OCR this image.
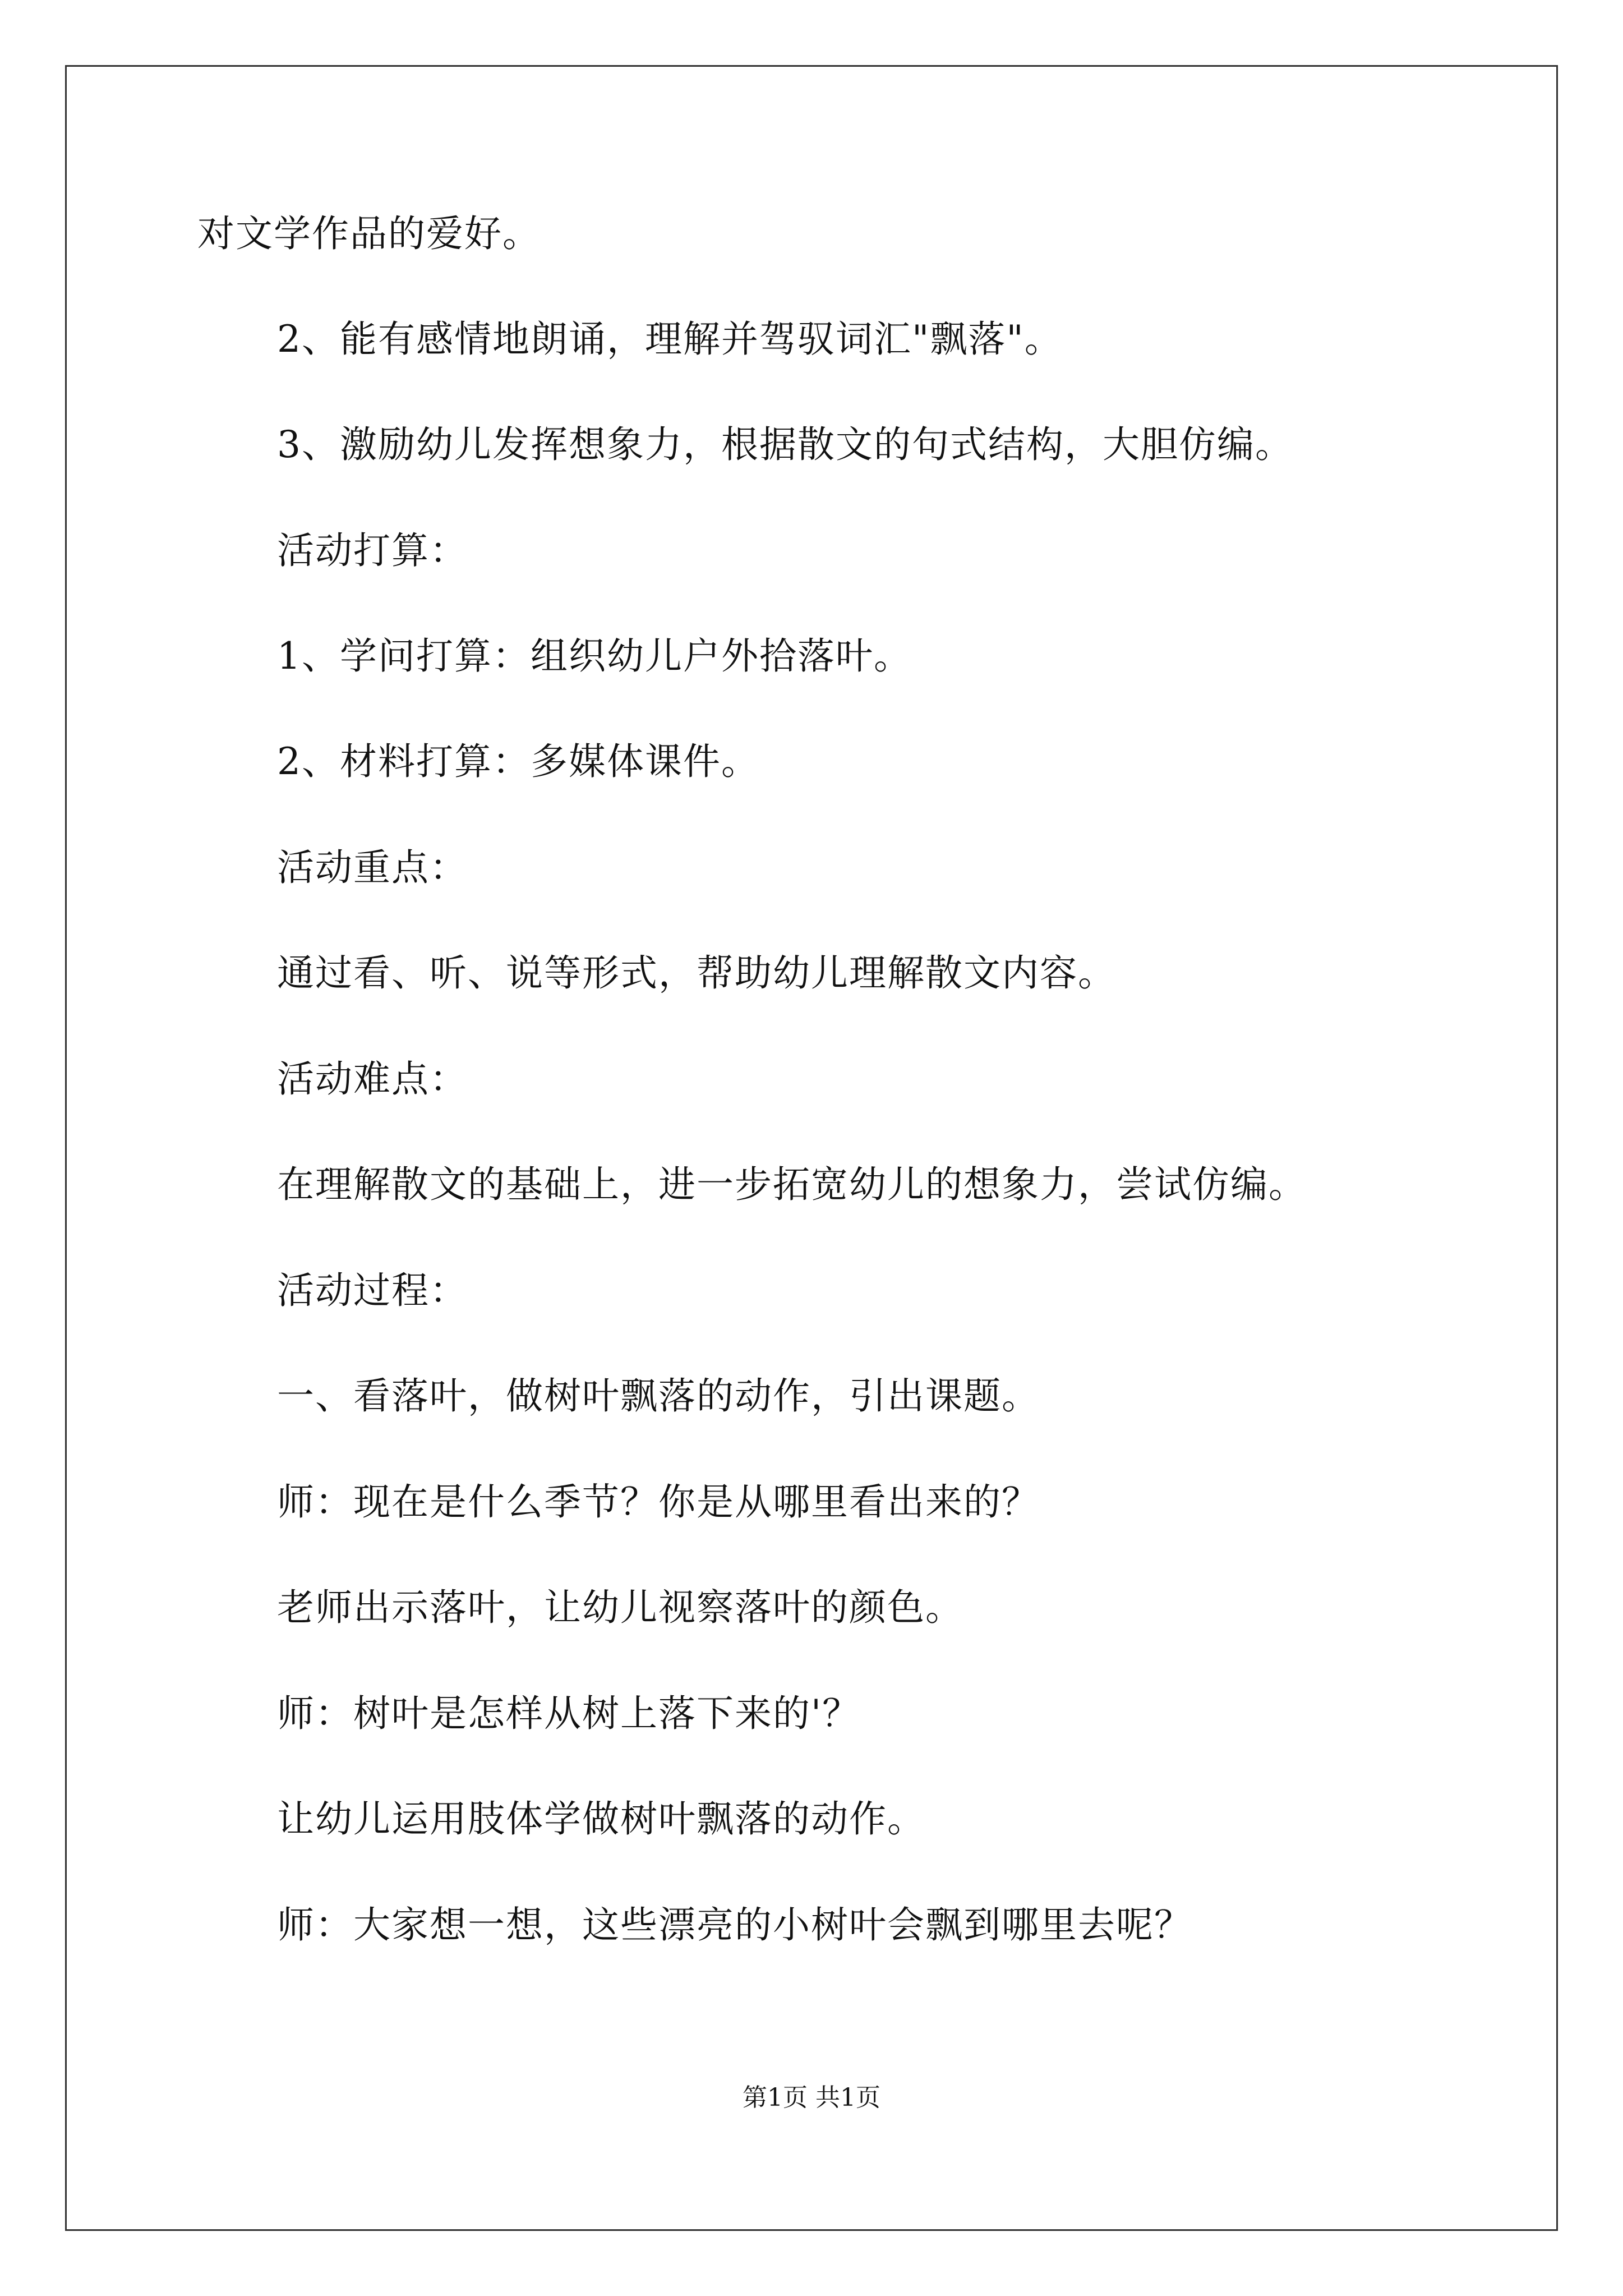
对文学作品的爱好。
2、能有感情地朗诵，理解并驾驭词汇"飘落"。
3、激励幼儿发挥想象力，根据散文的句式结构，大胆仿编。
活动打算：
1、学问打算：组织幼儿户外拾落叶。
2、材料打算：多媒体课件。
活动重点：
通过看、听、说等形式，帮助幼儿理解散文内容。
活动难点：
在理解散文的基础上，进一步拓宽幼儿的想象力，尝试仿编。
活动过程：
一、看落叶，做树叶飘落的动作，引出课题。
师：现在是什么季节？你是从哪里看出来的？
老师出示落叶，让幼儿视察落叶的颜色。
师：树叶是怎样从树上落下来的'？
让幼儿运用肢体学做树叶飘落的动作。
师：大家想一想，这些漂亮的小树叶会飘到哪里去呢？
第1页 共1页
